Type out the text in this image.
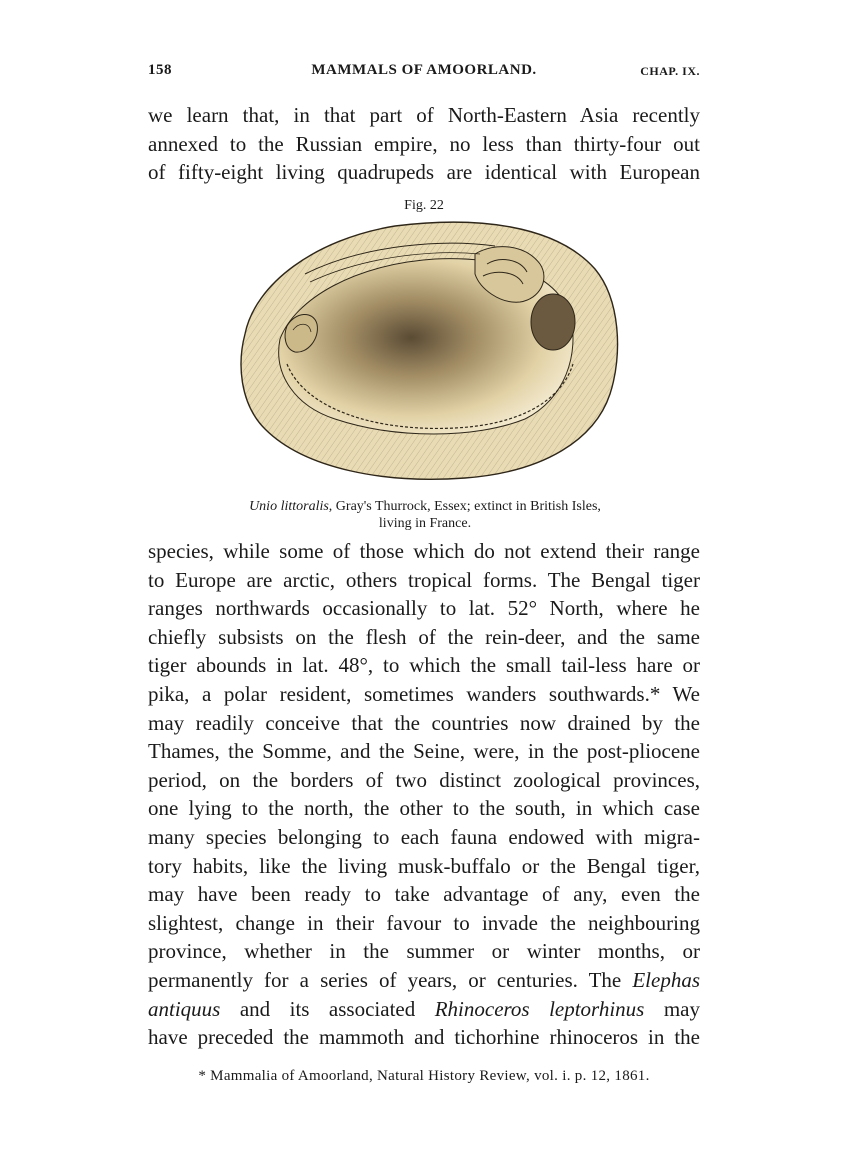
158	MAMMALS OF AMOORLAND.	CHAP. IX.
we learn that, in that part of North-Eastern Asia recently
annexed to the Russian empire, no less than thirty-four out
of fifty-eight living quadrupeds are identical with European
Fig. 22
Unio littoralis, Gray's Thurrock, Essex; extinct in British Isles,
living in France.
species, while some of those which do not extend their range
to Europe are arctic, others tropical forms. The Bengal tiger
ranges northwards occasionally to lat. 52° North, where he
chiefly subsists on the flesh of the rein-deer, and the same
tiger abounds in lat. 48°, to which the small tail-less hare or
pika, a polar resident, sometimes wanders southwards.* We
may readily conceive that the countries now drained by the
Thames, the Somme, and the Seine, were, in the post-pliocene
period, on the borders of two distinct zoological provinces,
one lying to the north, the other to the south, in which case
many species belonging to each fauna endowed with migra-
tory habits, like the living musk-buffalo or the Bengal tiger,
may have been ready to take advantage of any, even the
slightest, change in their favour to invade the neighbouring
province, whether in the summer or winter months, or
permanently for a series of years, or centuries. The Elephas
antiquus and its associated Rhinoceros leptorhinus may
have preceded the mammoth and tichorhine rhinoceros in the
* Mammalia of Amoorland, Natural History Review, vol. i. p. 12, 1861.
